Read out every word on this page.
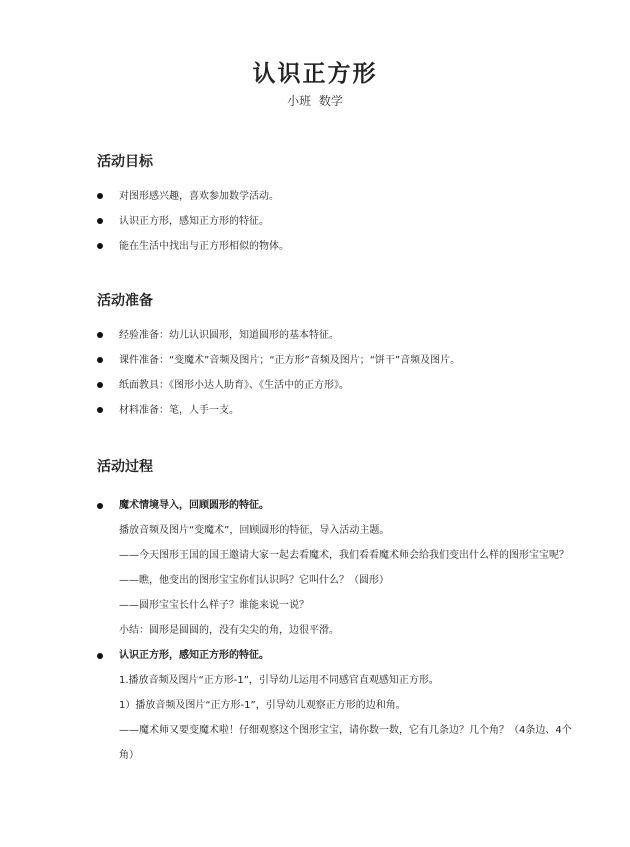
认识正方形
小班 数学
活动目标
对图形感兴趣，喜欢参加数学活动。
认识正方形，感知正方形的特征。
能在生活中找出与正方形相似的物体。
活动准备
经验准备：幼儿认识圆形，知道圆形的基本特征。
课件准备：“变魔术”音频及图片；“正方形”音频及图片；“饼干”音频及图片。
纸面教具：《图形小达人助育》、《生活中的正方形》。
材料准备：笔，人手一支。
活动过程

魔术情境导入，回顾圆形的特征。

播放音频及图片“变魔术”，回顾圆形的特征，导入活动主题。

——今天图形王国的国王邀请大家一起去看魔术，我们看看魔术师会给我们变出什么样的图形宝宝呢？

——瞧，他变出的图形宝宝你们认识吗？它叫什么？（圆形）

——圆形宝宝长什么样子？谁能来说一说？

小结：圆形是圆圆的，没有尖尖的角，边很平滑。

认识正方形，感知正方形的特征。

1.播放音频及图片“正方形-1”，引导幼儿运用不同感官直观感知正方形。

1）播放音频及图片“正方形-1”，引导幼儿观察正方形的边和角。

——魔术师又要变魔术啦！仔细观察这个图形宝宝，请你数一数，它有几条边？几个角？（4条边、4个角）
